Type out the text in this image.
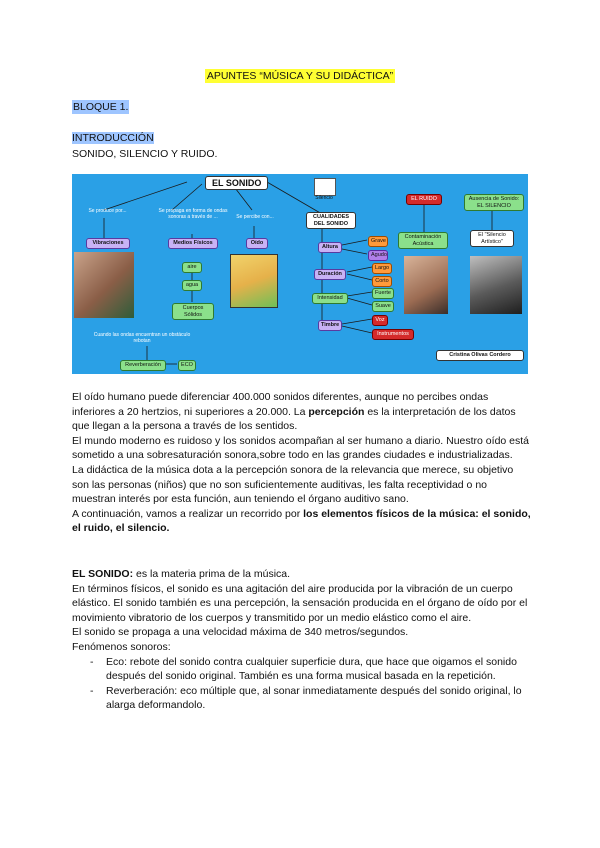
APUNTES “MÚSICA Y SU DIDÁCTICA”
BLOQUE 1.
INTRODUCCIÓN
SONIDO, SILENCIO Y RUIDO.
EL SONIDO
Se produce por...
Vibraciones
Se propaga en forma de ondas sonoras a través de ...
Medios Físicos
aire
agua
Cuerpos Sólidos
Se percibe con...
Oído
Cuando las ondas encuentran un obstáculo rebotan
Reverberación	ECO
Silencio
CUALIDADES DEL SONIDO
Altura
Grave
Agudo
Duración
Largo
Corto
Intensidad
Fuerte
Suave
Timbre
Voz
Instrumentos
EL RUIDO
Contaminación Acústica
Ausencia de Sonido: EL SILENCIO
El "Silencio Artístico"
Cristina Olivas Cordero

El oído humano puede diferenciar 400.000 sonidos diferentes, aunque no percibes ondas inferiores a 20 hertzios, ni superiores a 20.000. La percepción es la interpretación de los datos que llegan a la persona a través de los sentidos.

El mundo moderno es ruidoso y los sonidos acompañan al ser humano a diario. Nuestro oído está sometido a una sobresaturación sonora,sobre todo en las grandes ciudades e industrializadas.

La didáctica de la música dota a la percepción sonora de la relevancia que merece, su objetivo son las personas (niños) que no son suficientemente auditivas, les falta receptividad o no muestran interés por esta función, aun teniendo el órgano auditivo sano.

A continuación, vamos a realizar un recorrido por los elementos físicos de la música: el sonido, el ruido, el silencio.

EL SONIDO: es la materia prima de la música.

En términos físicos, el sonido es una agitación del aire producida por la vibración de un cuerpo elástico. El sonido también es una percepción, la sensación producida en el órgano de oído por el movimiento vibratorio de los cuerpos y transmitido por un medio elástico como el aire.

El sonido se propaga a una velocidad máxima de 340 metros/segundos.

Fenómenos sonoros:

- Eco: rebote del sonido contra cualquier superficie dura, que hace que oigamos el sonido después del sonido original. También es una forma musical basada en la repetición.
- Reverberación: eco múltiple que, al sonar inmediatamente después del sonido original, lo alarga deformandolo.
